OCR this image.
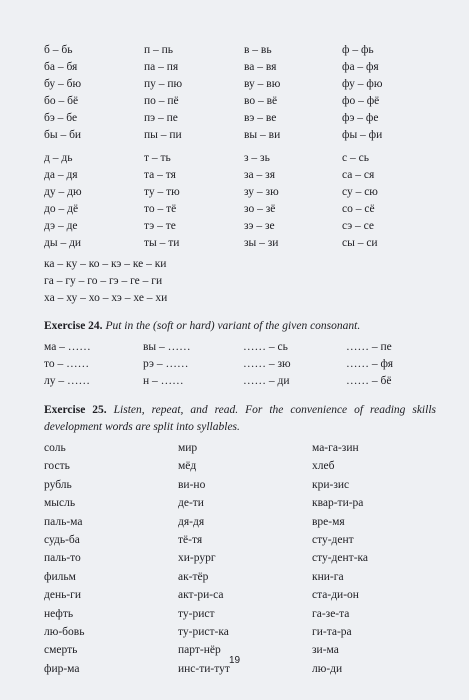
б – бь	п – пь	в – вь	ф – фь
ба – бя	па – пя	ва – вя	фа – фя
бу – бю	пу – пю	ву – вю	фу – фю
бо – бё	по – пё	во – вё	фо – фё
бэ – бе	пэ – пе	вэ – ве	фэ – фе
бы – би	пы – пи	вы – ви	фы – фи
д – дь	т – ть	з – зь	с – сь
да – дя	та – тя	за – зя	са – ся
ду – дю	ту – тю	зу – зю	су – сю
до – дё	то – тё	зо – зё	со – сё
дэ – де	тэ – те	зэ – зе	сэ – се
ды – ди	ты – ти	зы – зи	сы – си
ка – ку – ко – кэ – ке – ки
га – гу – го – гэ – ге – ги
ха – ху – хо – хэ – хе – хи
Exercise 24. Put in the (soft or hard) variant of the given consonant.
ма – ……	вы – ……	…… – сь	…… – пе
то – ……	рэ – ……	…… – зю	…… – фя
лу – ……	н – ……	…… – ди	…… – бё
Exercise 25. Listen, repeat, and read. For the convenience of reading skills development words are split into syllables.
соль	мир	ма-га-зин
гость	мёд	хлеб
рубль	ви-но	кри-зис
мысль	де-ти	квар-ти-ра
паль-ма	дя-дя	вре-мя
судь-ба	тё-тя	сту-дент
паль-то	хи-рург	сту-дент-ка
фильм	ак-тёр	кни-га
день-ги	акт-ри-са	ста-ди-он
нефть	ту-рист	га-зе-та
лю-бовь	ту-рист-ка	ги-та-ра
смерть	парт-нёр	зи-ма
фир-ма	инс-ти-тут	лю-ди
19
